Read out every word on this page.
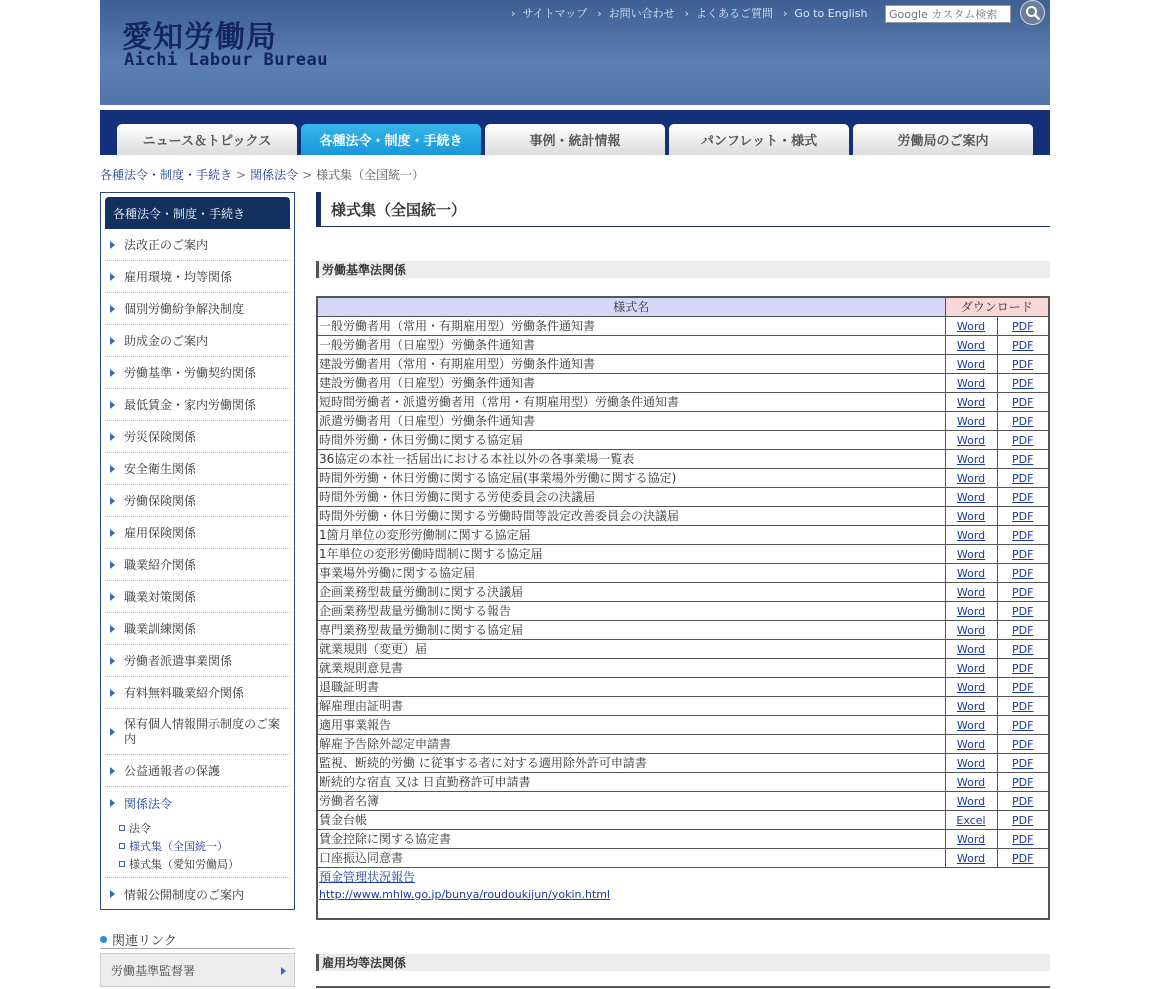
愛知労働局
Aichi Labour Bureau
› サイトマップ › お問い合わせ › よくあるご質問 › Go to English
Google カスタム検索
ニュース＆トピックス	各種法令・制度・手続き	事例・統計情報	パンフレット・様式	労働局のご案内
各種法令・制度・手続き > 関係法令 > 様式集（全国統一）
各種法令・制度・手続き
法改正のご案内
雇用環境・均等関係
個別労働紛争解決制度
助成金のご案内
労働基準・労働契約関係
最低賃金・家内労働関係
労災保険関係
安全衛生関係
労働保険関係
雇用保険関係
職業紹介関係
職業対策関係
職業訓練関係
労働者派遣事業関係
有料無料職業紹介関係
保有個人情報開示制度のご案内
公益通報者の保護
関係法令
法令
様式集（全国統一）
様式集（愛知労働局）
情報公開制度のご案内
関連リンク
労働基準監督署
様式集（全国統一）
労働基準法関係
様式名	ダウンロード	
一般労働者用（常用・有期雇用型）労働条件通知書	Word	PDF
一般労働者用（日雇型）労働条件通知書	Word	PDF
建設労働者用（常用・有期雇用型）労働条件通知書	Word	PDF
建設労働者用（日雇型）労働条件通知書	Word	PDF
短時間労働者・派遣労働者用（常用・有期雇用型）労働条件通知書	Word	PDF
派遣労働者用（日雇型）労働条件通知書	Word	PDF
時間外労働・休日労働に関する協定届	Word	PDF
36協定の本社一括届出における本社以外の各事業場一覧表	Word	PDF
時間外労働・休日労働に関する協定届(事業場外労働に関する協定)	Word	PDF
時間外労働・休日労働に関する労使委員会の決議届	Word	PDF
時間外労働・休日労働に関する労働時間等設定改善委員会の決議届	Word	PDF
1箇月単位の変形労働制に関する協定届	Word	PDF
1年単位の変形労働時間制に関する協定届	Word	PDF
事業場外労働に関する協定届	Word	PDF
企画業務型裁量労働制に関する決議届	Word	PDF
企画業務型裁量労働制に関する報告	Word	PDF
専門業務型裁量労働制に関する協定届	Word	PDF
就業規則（変更）届	Word	PDF
就業規則意見書	Word	PDF
退職証明書	Word	PDF
解雇理由証明書	Word	PDF
適用事業報告	Word	PDF
解雇予告除外認定申請書	Word	PDF
監視、断続的労働 に従事する者に対する適用除外許可申請書	Word	PDF
断続的な宿直 又は 日直勤務許可申請書	Word	PDF
労働者名簿	Word	PDF
賃金台帳	Excel	PDF
賃金控除に関する協定書	Word	PDF
口座振込同意書	Word	PDF

預金管理状況報告
http://www.mhlw.go.jp/bunya/roudoukijun/yokin.html		
雇用均等法関係
